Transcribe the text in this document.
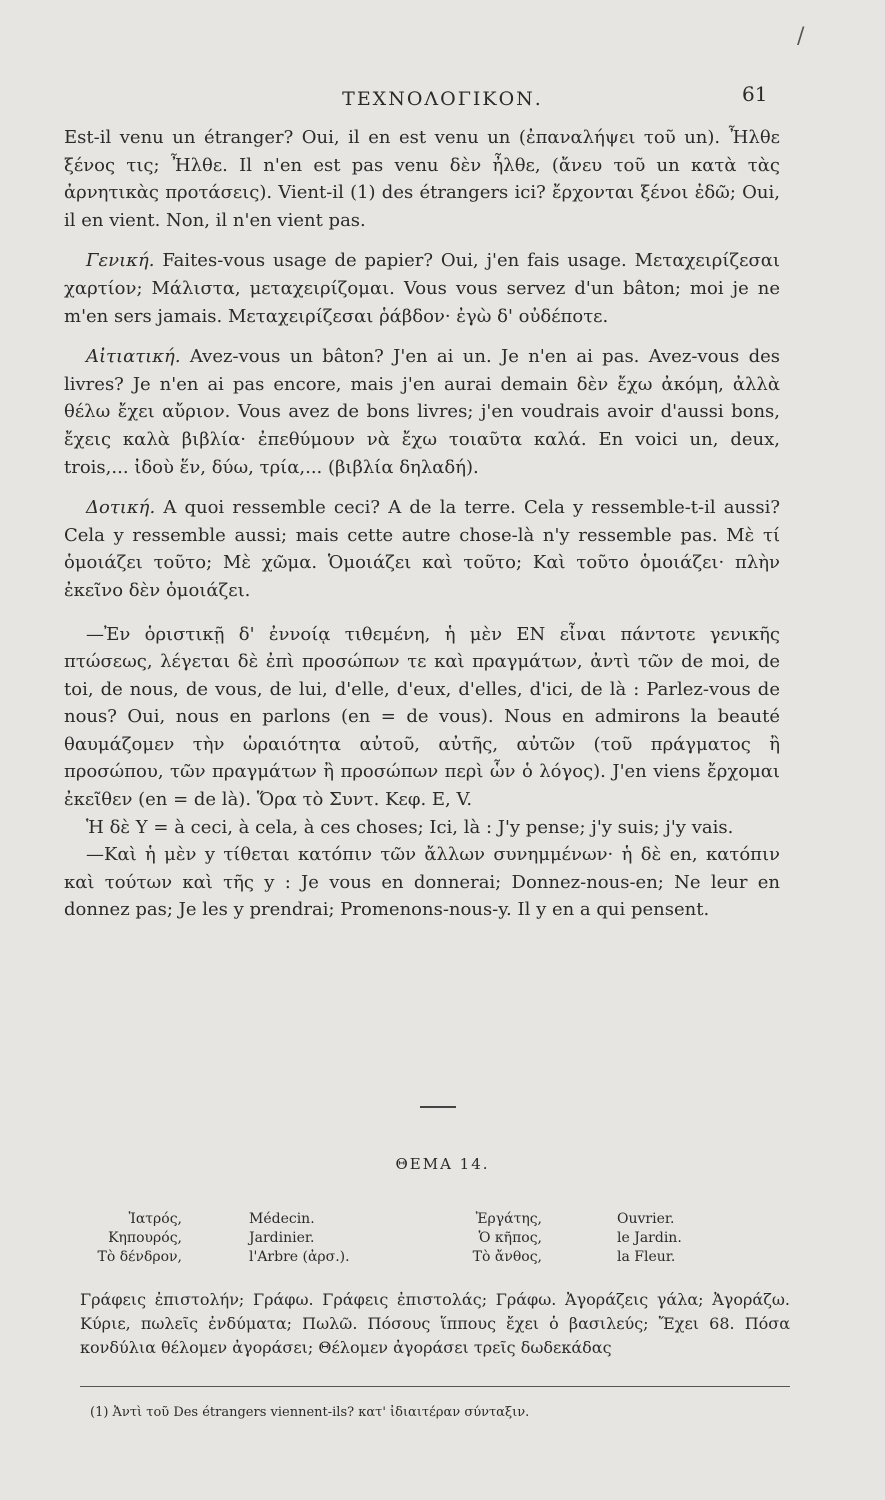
/
ΤΕΧΝΟΛΟΓΙΚΟΝ.	61

Est-il venu un étranger? Oui, il en est venu un (ἐπαναλήψει τοῦ un). Ἦλθε ξένος τις; Ἦλθε. Il n'en est pas venu δὲν ἦλθε, (ἄνευ τοῦ un κατὰ τὰς ἀρνητικὰς προτάσεις). Vient-il (1) des étrangers ici? ἔρχονται ξένοι ἐδῶ; Oui, il en vient. Non, il n'en vient pas.

Γενική. Faites-vous usage de papier? Oui, j'en fais usage. Μεταχειρίζεσαι χαρτίον; Μάλιστα, μεταχειρίζομαι. Vous vous servez d'un bâton; moi je ne m'en sers jamais. Μεταχειρίζεσαι ῥάβδον· ἐγὼ δ' οὐδέποτε.

Αἰτιατική. Avez-vous un bâton? J'en ai un. Je n'en ai pas. Avez-vous des livres? Je n'en ai pas encore, mais j'en aurai demain δὲν ἔχω ἀκόμη, ἀλλὰ θέλω ἔχει αὔριον. Vous avez de bons livres; j'en voudrais avoir d'aussi bons, ἔχεις καλὰ βιβλία· ἐπεθύμουν νὰ ἔχω τοιαῦτα καλά. En voici un, deux, trois,... ἰδοὺ ἕν, δύω, τρία,... (βιβλία δηλαδή).

Δοτική. A quoi ressemble ceci? A de la terre. Cela y ressemble-t-il aussi? Cela y ressemble aussi; mais cette autre chose-là n'y ressemble pas. Μὲ τί ὁμοιάζει τοῦτο; Μὲ χῶμα. Ὁμοιάζει καὶ τοῦτο; Καὶ τοῦτο ὁμοιάζει· πλὴν ἐκεῖνο δὲν ὁμοιάζει.

—Ἐν ὁριστικῇ δ' ἐννοίᾳ τιθεμένη, ἡ μὲν EN εἶναι πάντοτε γενικῆς πτώσεως, λέγεται δὲ ἐπὶ προσώπων τε καὶ πραγμάτων, ἀντὶ τῶν de moi, de toi, de nous, de vous, de lui, d'elle, d'eux, d'elles, d'ici, de là : Parlez-vous de nous? Oui, nous en parlons (en = de vous). Nous en admirons la beauté θαυμάζομεν τὴν ὡραιότητα αὐτοῦ, αὐτῆς, αὐτῶν (τοῦ πράγματος ἢ προσώπου, τῶν πραγμάτων ἢ προσώπων περὶ ὧν ὁ λόγος). J'en viens ἔρχομαι ἐκεῖθεν (en = de là). Ὅρα τὸ Συντ. Κεφ. E, V.

Ἡ δὲ Y = à ceci, à cela, à ces choses; Ici, là : J'y pense; j'y suis; j'y vais.

—Καὶ ἡ μὲν y τίθεται κατόπιν τῶν ἄλλων συνημμένων· ἡ δὲ en, κατόπιν καὶ τούτων καὶ τῆς y : Je vous en donnerai; Donnez-nous-en; Ne leur en donnez pas; Je les y prendrai; Promenons-nous-y. Il y en a qui pensent.

ΘΕΜΑ 14.
Ἰατρός,
Κηπουρός,
Τὸ δένδρον,
Médecin.
Jardinier.
l'Arbre (ἀρσ.).
Ἐργάτης,
Ὁ κῆπος,
Τὸ ἄνθος,
Ouvrier.
le Jardin.
la Fleur.
Γράφεις ἐπιστολήν; Γράφω. Γράφεις ἐπιστολάς; Γράφω. Ἀγοράζεις γάλα; Ἀγοράζω. Κύριε, πωλεῖς ἐνδύματα; Πωλῶ. Πόσους ἵππους ἔχει ὁ βασιλεύς; Ἔχει 68. Πόσα κονδύλια θέλομεν ἀγοράσει; Θέλομεν ἀγοράσει τρεῖς δωδεκάδας
(1) Ἀντὶ τοῦ Des étrangers viennent-ils? κατ' ἰδιαιτέραν σύνταξιν.
